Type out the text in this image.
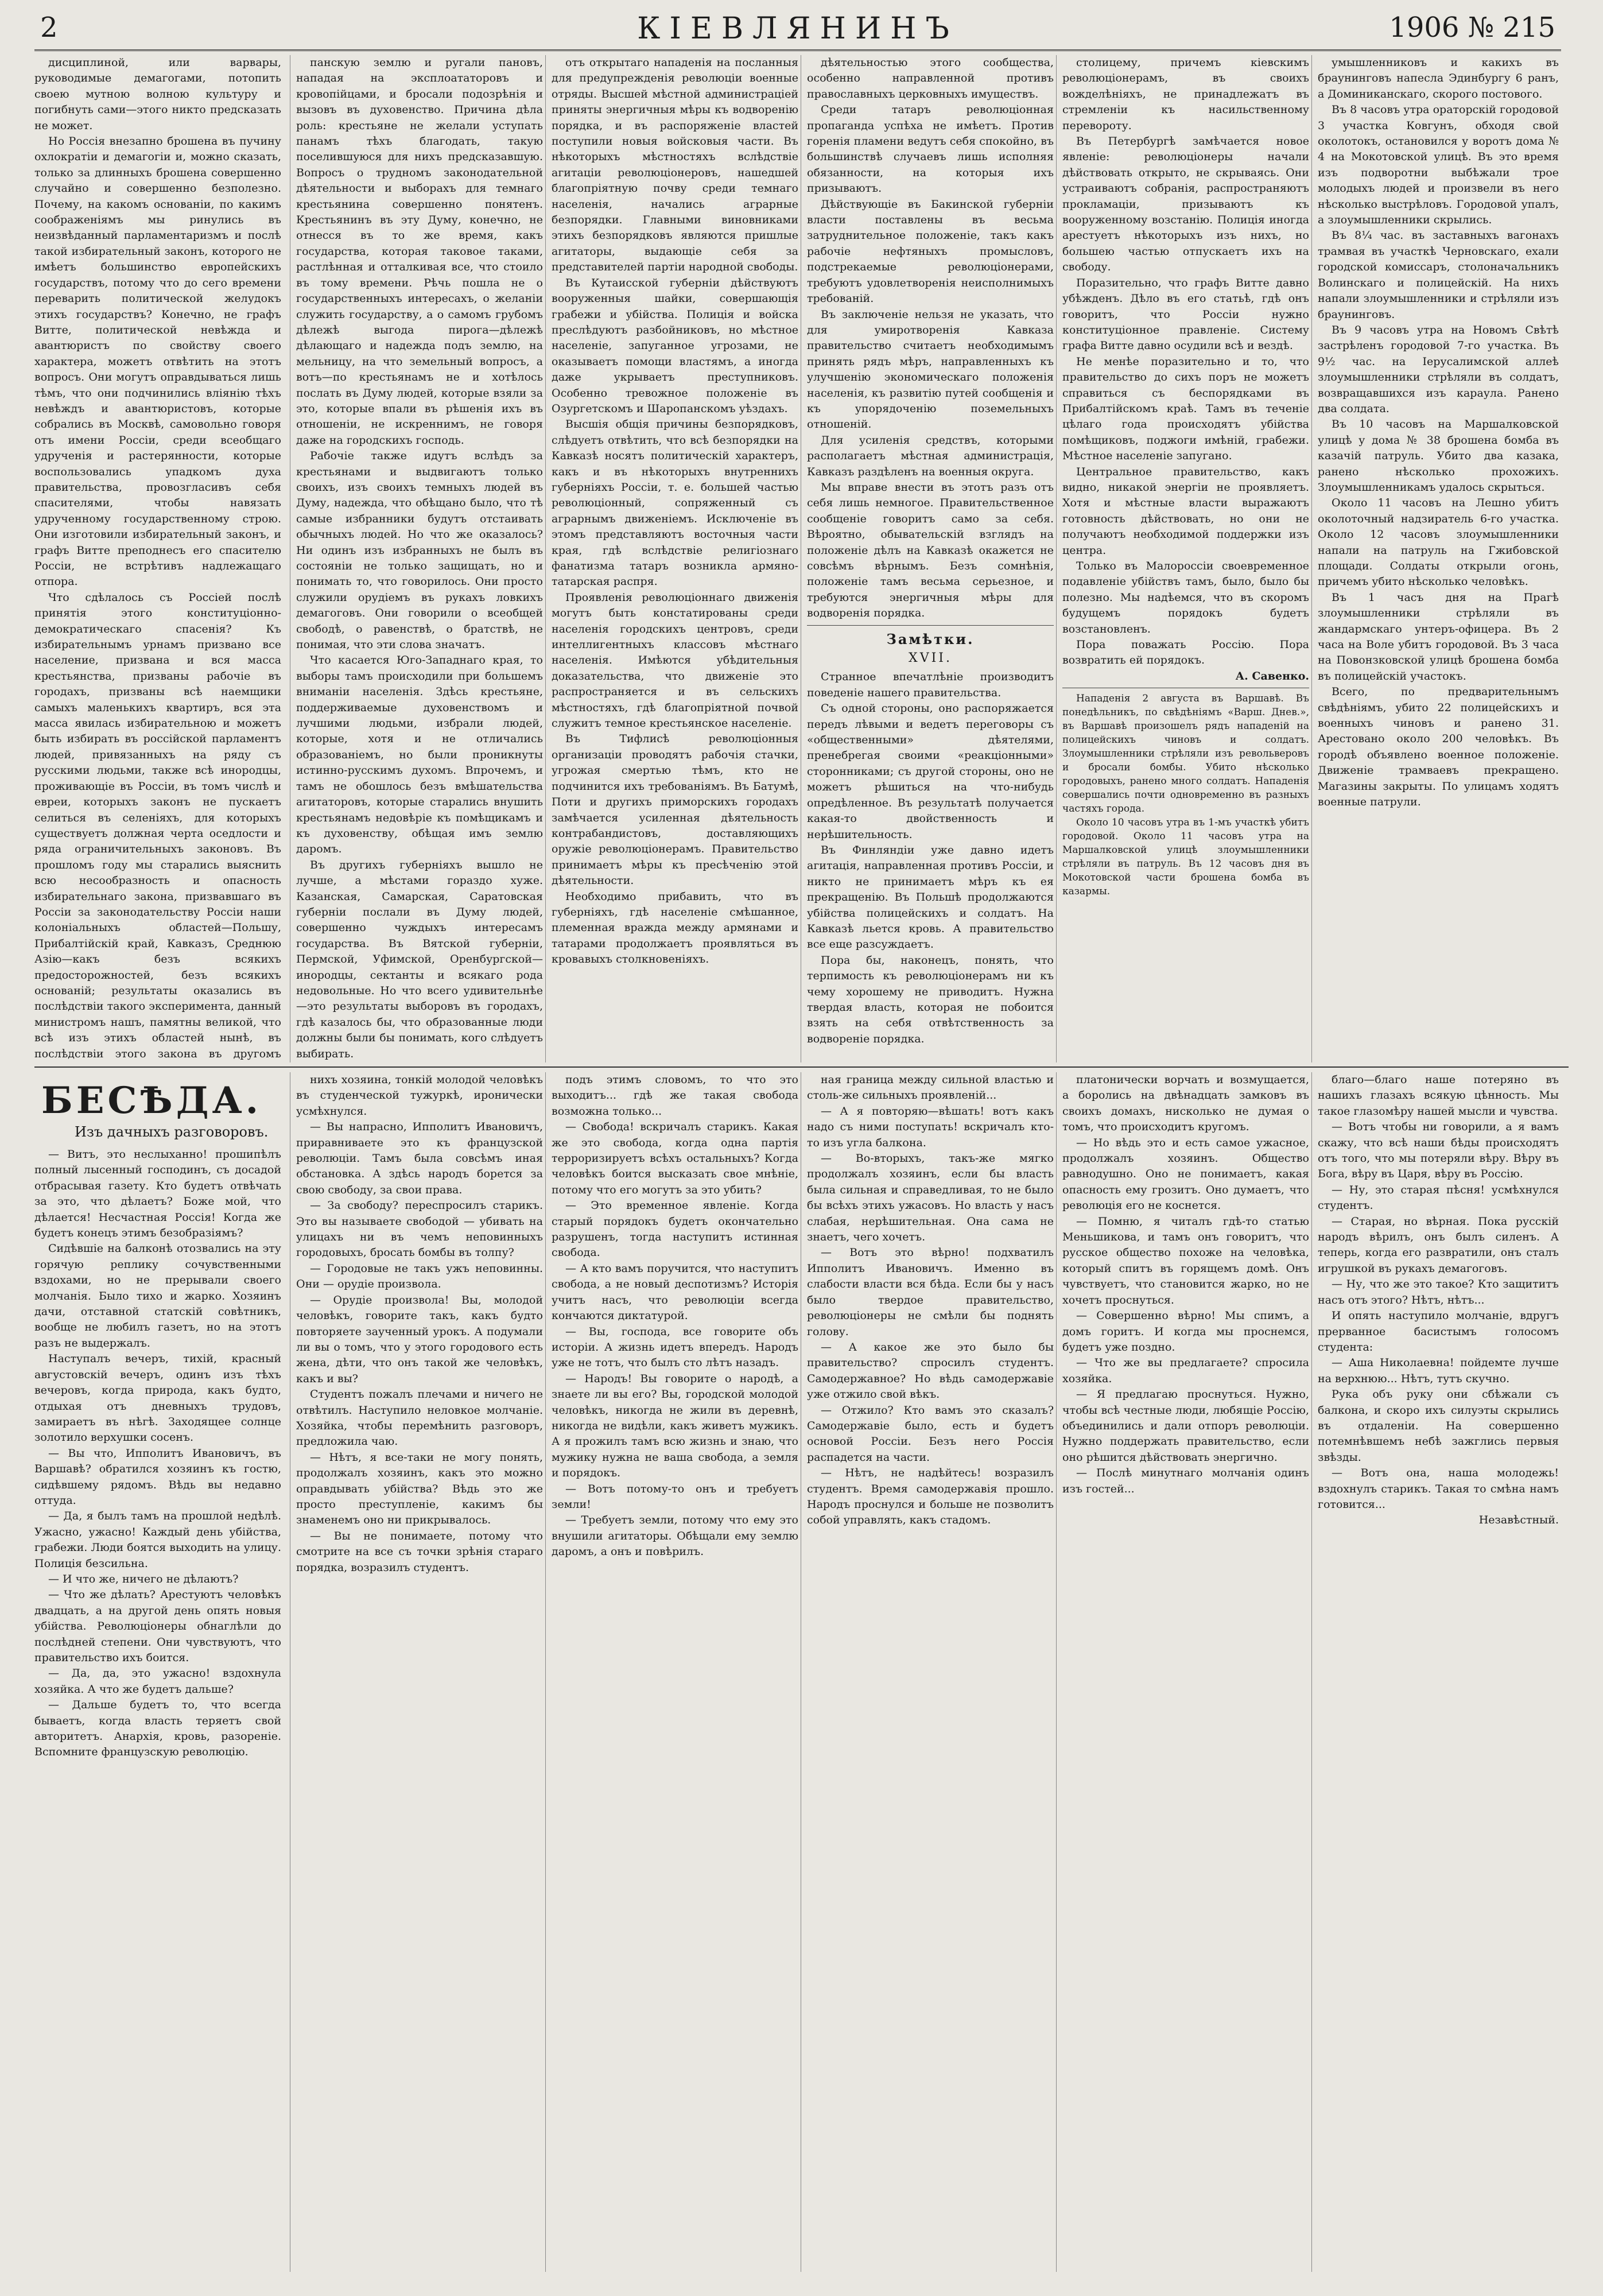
2	КІЕВЛЯНИНЪ	1906 № 215

дисциплиной, или варвары, руководимые демагогами, потопить своею мутною волною культуру и погибнуть сами—этого никто предсказать не может.

Но Россія внезапно брошена въ пучину охлократіи и демагогіи и, можно сказать, только за длинныхъ брошена совершенно случайно и совершенно безполезно. Почему, на какомъ основаніи, по какимъ соображеніямъ мы ринулись въ неизвѣданный парламентаризмъ и послѣ такой избирательный законъ, которого не имѣетъ большинство европейскихъ государствъ, потому что до сего времени переварить политической желудокъ этихъ государствъ? Конечно, не графъ Витте, политической невѣжда и авантюристъ по свойству своего характера, можетъ отвѣтить на этотъ вопросъ. Они могутъ оправдываться лишь тѣмъ, что они подчинились вліянію тѣхъ невѣждъ и авантюристовъ, которые собрались въ Москвѣ, самовольно говоря отъ имени Россіи, среди всеобщаго удрученія и растерянности, которые воспользовались упадкомъ духа правительства, провозгласивъ себя спасителями, чтобы навязать удрученному государственному строю. Они изготовили избирательный законъ, и графъ Витте преподнесъ его спасителю Россіи, не встрѣтивъ надлежащаго отпора.

Что сдѣлалось съ Россіей послѣ принятія этого конституціонно-демократическаго спасенія? Къ избирательнымъ урнамъ призвано все население, призвана и вся масса крестьянства, призваны рабочіе въ городахъ, призваны всѣ наемщики самыхъ маленькихъ квартиръ, вся эта масса явилась избирательною и можетъ быть избирать въ россійской парламентъ людей, привязанныхъ на ряду съ русскими людьми, также всѣ инородцы, проживающіе въ Россіи, въ томъ числѣ и евреи, которыхъ законъ не пускаетъ селиться въ селеніяхъ, для которыхъ существуетъ должная черта оседлости и ряда ограничительныхъ законовъ. Въ прошломъ году мы старались выяснить всю несообразность и опасность избирательнаго закона, призвавшаго въ Россіи за законодательству Россіи наши колоніальныхъ областей—Польшу, Прибалтійскій край, Кавказъ, Среднюю Азію—какъ безъ всякихъ предосторожностей, безъ всякихъ основаній; результаты оказались въ послѣдствіи такого эксперимента, данный министромъ нашъ, памятны великой, что всѣ изъ этихъ областей нынѣ, въ послѣдствіи этого закона въ другомъ

панскую землю и ругали пановъ, нападая на эксплоататоровъ и кровопійцами, и бросали подозрѣнія и вызовъ въ духовенство. Причина дѣла роль: крестьяне не желали уступать панамъ тѣхъ благодать, такую поселившуюся для нихъ предсказавшую. Вопросъ о трудномъ законодательной дѣятельности и выборахъ для темнаго крестьянина совершенно понятенъ. Крестьянинъ въ эту Думу, конечно, не отнесся въ то же время, какъ государства, которая таковое таками, растлѣнная и отталкивая все, что стоило въ тому времени. Рѣчь пошла не о государственныхъ интересахъ, о желаніи служить государству, а о самомъ грубомъ дѣлежѣ выгода пирога—дѣлежѣ дѣлающаго и надежда подъ землю, на мельницу, на что земельный вопросъ, а вотъ—по крестьянамъ не и хотѣлось послать въ Думу людей, которые взяли за это, которые впали въ рѣшенія ихъ въ отношеніи, не искреннимъ, не говоря даже на городскихъ господь.

Рабочіе также идутъ вслѣдъ за крестьянами и выдвигаютъ только своихъ, изъ своихъ темныхъ людей въ Думу, надежда, что обѣщано было, что тѣ самые избранники будутъ отстаивать обычныхъ людей. Но что же оказалось? Ни одинъ изъ избранныхъ не былъ въ состояніи не только защищать, но и понимать то, что говорилось. Они просто служили орудіемъ въ рукахъ ловкихъ демагоговъ. Они говорили о всеобщей свободѣ, о равенствѣ, о братствѣ, не понимая, что эти слова значатъ.

Что касается Юго-Западнаго края, то выборы тамъ происходили при большемъ вниманіи населенія. Здѣсь крестьяне, поддерживаемые духовенствомъ и лучшими людьми, избрали людей, которые, хотя и не отличались образованіемъ, но были проникнуты истинно-русскимъ духомъ. Впрочемъ, и тамъ не обошлось безъ вмѣшательства агитаторовъ, которые старались внушить крестьянамъ недовѣріе къ помѣщикамъ и къ духовенству, обѣщая имъ землю даромъ.

Въ другихъ губерніяхъ вышло не лучше, а мѣстами гораздо хуже. Казанская, Самарская, Саратовская губерніи послали въ Думу людей, совершенно чуждыхъ интересамъ государства. Въ Вятской губерніи, Пермской, Уфимской, Оренбургской—инородцы, сектанты и всякаго рода недовольные. Но что всего удивительнѣе—это результаты выборовъ въ городахъ, гдѣ казалось бы, что образованные люди должны были бы понимать, кого слѣдуетъ выбирать.

отъ открытаго нападенія на посланныя для предупрежденія революціи военные отряды. Высшей мѣстной администраціей приняты энергичныя мѣры къ водворенію порядка, и въ распоряженіе властей поступили новыя войсковыя части. Въ нѣкоторыхъ мѣстностяхъ вслѣдствіе агитаціи революціонеровъ, нашедшей благопріятную почву среди темнаго населенія, начались аграрные безпорядки. Главными виновниками этихъ безпорядковъ являются пришлые агитаторы, выдающіе себя за представителей партіи народной свободы.

Въ Кутаисской губерніи дѣйствуютъ вооруженныя шайки, совершающія грабежи и убійства. Полиція и войска преслѣдуютъ разбойниковъ, но мѣстное населеніе, запуганное угрозами, не оказываетъ помощи властямъ, а иногда даже укрываетъ преступниковъ. Особенно тревожное положеніе въ Озургетскомъ и Шаропанскомъ уѣздахъ.

Высшія общія причины безпорядковъ, слѣдуетъ отвѣтить, что всѣ безпорядки на Кавказѣ носятъ политическій характеръ, какъ и въ нѣкоторыхъ внутреннихъ губерніяхъ Россіи, т. е. большей частью революціонный, сопряженный съ аграрнымъ движеніемъ. Исключеніе въ этомъ представляютъ восточныя части края, гдѣ вслѣдствіе религіознаго фанатизма татаръ возникла армяно-татарская распря.

Проявленія революціоннаго движенія могутъ быть констатированы среди населенія городскихъ центровъ, среди интеллигентныхъ классовъ мѣстнаго населенія. Имѣются убѣдительныя доказательства, что движеніе это распространяется и въ сельскихъ мѣстностяхъ, гдѣ благопріятной почвой служитъ темное крестьянское населеніе.

Въ Тифлисѣ революціонныя организаціи проводятъ рабочія стачки, угрожая смертью тѣмъ, кто не подчинится ихъ требованіямъ. Въ Батумѣ, Поти и другихъ приморскихъ городахъ замѣчается усиленная дѣятельность контрабандистовъ, доставляющихъ оружіе революціонерамъ. Правительство принимаетъ мѣры къ пресѣченію этой дѣятельности.

Необходимо прибавить, что въ губерніяхъ, гдѣ населеніе смѣшанное, племенная вражда между армянами и татарами продолжаетъ проявляться въ кровавыхъ столкновеніяхъ.

дѣятельностью этого сообщества, особенно направленной противъ православныхъ церковныхъ имуществъ.

Среди татаръ революціонная пропаганда успѣха не имѣетъ. Против горенія пламени ведутъ себя спокойно, въ большинствѣ случаевъ лишь исполняя обязанности, на которыя ихъ призываютъ.

Дѣйствующіе въ Бакинской губерніи власти поставлены въ весьма затруднительное положеніе, такъ какъ рабочіе нефтяныхъ промысловъ, подстрекаемые революціонерами, требуютъ удовлетворенія неисполнимыхъ требованій.

Въ заключеніе нельзя не указать, что для умиротворенія Кавказа правительство считаетъ необходимымъ принять рядъ мѣръ, направленныхъ къ улучшенію экономическаго положенія населенія, къ развитію путей сообщенія и къ упорядоченію поземельныхъ отношеній.

Для усиленія средствъ, которыми располагаетъ мѣстная администрація, Кавказъ раздѣленъ на военныя округа.

Мы вправе внести въ этотъ разъ отъ себя лишь немногое. Правительственное сообщеніе говоритъ само за себя. Вѣроятно, обывательскій взглядъ на положеніе дѣлъ на Кавказѣ окажется не совсѣмъ вѣрнымъ. Безъ сомнѣнія, положеніе тамъ весьма серьезное, и требуются энергичныя мѣры для водворенія порядка.

Замѣтки.
XVII.

Странное впечатлѣніе производитъ поведеніе нашего правительства.

Съ одной стороны, оно распоряжается передъ лѣвыми и ведетъ переговоры съ «общественными» дѣятелями, пренебрегая своими «реакціонными» сторонниками; съ другой стороны, оно не можетъ рѣшиться на что-нибудь опредѣленное. Въ результатѣ получается какая-то двойственность и нерѣшительность.

Въ Финляндіи уже давно идетъ агитація, направленная противъ Россіи, и никто не принимаетъ мѣръ къ ея прекращенію. Въ Польшѣ продолжаются убійства полицейскихъ и солдатъ. На Кавказѣ льется кровь. А правительство все еще разсуждаетъ.

Пора бы, наконецъ, понять, что терпимость къ революціонерамъ ни къ чему хорошему не приводитъ. Нужна твердая власть, которая не побоится взять на себя отвѣтственность за водвореніе порядка.

столицему, причемъ кіевскимъ революціонерамъ, въ своихъ вожделѣніяхъ, не принадлежатъ въ стремленіи къ насильственному перевороту.

Въ Петербургѣ замѣчается новое явленіе: революціонеры начали дѣйствовать открыто, не скрываясь. Они устраиваютъ собранія, распространяютъ прокламаціи, призываютъ къ вооруженному возстанію. Полиція иногда арестуетъ нѣкоторыхъ изъ нихъ, но большею частью отпускаетъ ихъ на свободу.

Поразительно, что графъ Витте давно убѣжденъ. Дѣло въ его статьѣ, гдѣ онъ говоритъ, что Россіи нужно конституціонное правленіе. Систему графа Витте давно осудили всѣ и вездѣ.

Не менѣе поразительно и то, что правительство до сихъ поръ не можетъ справиться съ беспорядками въ Прибалтійскомъ краѣ. Тамъ въ теченіе цѣлаго года происходятъ убійства помѣщиковъ, поджоги имѣній, грабежи. Мѣстное населеніе запугано.

Центральное правительство, какъ видно, никакой энергіи не проявляетъ. Хотя и мѣстные власти выражаютъ готовность дѣйствовать, но они не получаютъ необходимой поддержки изъ центра.

Только въ Малороссіи своевременное подавленіе убійствъ тамъ, было, было бы полезно. Мы надѣемся, что въ скоромъ будущемъ порядокъ будетъ возстановленъ.

Пора поважать Россію. Пора возвратить ей порядокъ.

А. Савенко.

Нападенія 2 августа въ Варшавѣ. Въ понедѣльникъ, по свѣдѣніямъ «Варш. Днев.», въ Варшавѣ произошелъ рядъ нападеній на полицейскихъ чиновъ и солдатъ. Злоумышленники стрѣляли изъ револьверовъ и бросали бомбы. Убито нѣсколько городовыхъ, ранено много солдатъ. Нападенія совершались почти одновременно въ разныхъ частяхъ города.

Около 10 часовъ утра въ 1-мъ участкѣ убитъ городовой. Около 11 часовъ утра на Маршалковской улицѣ злоумышленники стрѣляли въ патруль. Въ 12 часовъ дня въ Мокотовской части брошена бомба въ казармы.

умышленниковъ и какихъ въ браунинговъ напесла Эдинбургу 6 ранъ, а Доминиканскаго, скорого постового.

Въ 8 часовъ утра ораторскій городовой 3 участка Ковгунъ, обходя свой околотокъ, остановился у воротъ дома № 4 на Мокотовской улицѣ. Въ это время изъ подворотни выбѣжали трое молодыхъ людей и произвели въ него нѣсколько выстрѣловъ. Городовой упалъ, а злоумышленники скрылись.

Въ 8¼ час. въ заставныхъ вагонахъ трамвая въ участкѣ Черновскаго, ехали городской комиссаръ, столоначальникъ Волинскаго и полицейскій. На нихъ напали злоумышленники и стрѣляли изъ браунинговъ.

Въ 9 часовъ утра на Новомъ Свѣтѣ застрѣленъ городовой 7-го участка. Въ 9½ час. на Іерусалимской аллеѣ злоумышленники стрѣляли въ солдатъ, возвращавшихся изъ караула. Ранено два солдата.

Въ 10 часовъ на Маршалковской улицѣ у дома № 38 брошена бомба въ казачій патруль. Убито два казака, ранено нѣсколько прохожихъ. Злоумышленникамъ удалось скрыться.

Около 11 часовъ на Лешно убитъ околоточный надзиратель 6-го участка. Около 12 часовъ злоумышленники напали на патруль на Гжибовской площади. Солдаты открыли огонь, причемъ убито нѣсколько человѣкъ.

Въ 1 часъ дня на Прагѣ злоумышленники стрѣляли въ жандармскаго унтеръ-офицера. Въ 2 часа на Воле убитъ городовой. Въ 3 часа на Повонзковской улицѣ брошена бомба въ полицейскій участокъ.

Всего, по предварительнымъ свѣдѣніямъ, убито 22 полицейскихъ и военныхъ чиновъ и ранено 31. Арестовано около 200 человѣкъ. Въ городѣ объявлено военное положеніе. Движеніе трамваевъ прекращено. Магазины закрыты. По улицамъ ходятъ военные патрули.

БЕСѢДА.
Изъ дачныхъ разговоровъ.

— Витъ, это неслыханно! прошипѣлъ полный лысенный господинъ, съ досадой отбрасывая газету. Кто будетъ отвѣчать за это, что дѣлаетъ? Боже мой, что дѣлается! Несчастная Россія! Когда же будетъ конецъ этимъ безобразіямъ?

Сидѣвшіе на балконѣ отозвались на эту горячую реплику сочувственными вздохами, но не прерывали своего молчанія. Было тихо и жарко. Хозяинъ дачи, отставной статскій совѣтникъ, вообще не любилъ газетъ, но на этотъ разъ не выдержалъ.

Наступалъ вечеръ, тихій, красный августовскій вечеръ, одинъ изъ тѣхъ вечеровъ, когда природа, какъ будто, отдыхая отъ дневныхъ трудовъ, замираетъ въ нѣгѣ. Заходящее солнце золотило верхушки сосенъ.

— Вы что, Ипполитъ Ивановичъ, въ Варшавѣ? обратился хозяинъ къ гостю, сидѣвшему рядомъ. Вѣдь вы недавно оттуда.

— Да, я былъ тамъ на прошлой недѣлѣ. Ужасно, ужасно! Каждый день убійства, грабежи. Люди боятся выходить на улицу. Полиція безсильна.

— И что же, ничего не дѣлаютъ?

— Что же дѣлать? Арестуютъ человѣкъ двадцать, а на другой день опять новыя убійства. Революціонеры обнаглѣли до послѣдней степени. Они чувствуютъ, что правительство ихъ боится.

— Да, да, это ужасно! вздохнула хозяйка. А что же будетъ дальше?

— Дальше будетъ то, что всегда бываетъ, когда власть теряетъ свой авторитетъ. Анархія, кровь, разореніе. Вспомните французскую революцію.

нихъ хозяина, тонкій молодой человѣкъ въ студенческой тужуркѣ, иронически усмѣхнулся.

— Вы напрасно, Ипполитъ Ивановичъ, приравниваете это къ французской революціи. Тамъ была совсѣмъ иная обстановка. А здѣсь народъ борется за свою свободу, за свои права.

— За свободу? переспросилъ старикъ. Это вы называете свободой — убивать на улицахъ ни въ чемъ неповинныхъ городовыхъ, бросать бомбы въ толпу?

— Городовые не такъ ужъ неповинны. Они — орудіе произвола.

— Орудіе произвола! Вы, молодой человѣкъ, говорите такъ, какъ будто повторяете заученный урокъ. А подумали ли вы о томъ, что у этого городового есть жена, дѣти, что онъ такой же человѣкъ, какъ и вы?

Студентъ пожалъ плечами и ничего не отвѣтилъ. Наступило неловкое молчаніе. Хозяйка, чтобы перемѣнить разговоръ, предложила чаю.

— Нѣтъ, я все-таки не могу понять, продолжалъ хозяинъ, какъ это можно оправдывать убійства? Вѣдь это же просто преступленіе, какимъ бы знаменемъ оно ни прикрывалось.

— Вы не понимаете, потому что смотрите на все съ точки зрѣнія стараго порядка, возразилъ студентъ.

подъ этимъ словомъ, то что это выходитъ... гдѣ же такая свобода возможна только...

— Свобода! вскричалъ старикъ. Какая же это свобода, когда одна партія терроризируетъ всѣхъ остальныхъ? Когда человѣкъ боится высказать свое мнѣніе, потому что его могутъ за это убить?

— Это временное явленіе. Когда старый порядокъ будетъ окончательно разрушенъ, тогда наступитъ истинная свобода.

— А кто вамъ поручится, что наступитъ свобода, а не новый деспотизмъ? Исторія учитъ насъ, что революціи всегда кончаются диктатурой.

— Вы, господа, все говорите объ исторіи. А жизнь идетъ впередъ. Народъ уже не тотъ, что былъ сто лѣтъ назадъ.

— Народъ! Вы говорите о народѣ, а знаете ли вы его? Вы, городской молодой человѣкъ, никогда не жили въ деревнѣ, никогда не видѣли, какъ живетъ мужикъ. А я прожилъ тамъ всю жизнь и знаю, что мужику нужна не ваша свобода, а земля и порядокъ.

— Вотъ потому-то онъ и требуетъ земли!

— Требуетъ земли, потому что ему это внушили агитаторы. Обѣщали ему землю даромъ, а онъ и повѣрилъ.

ная граница между сильной властью и столь-же сильныхъ проявленій...

— А я повторяю—вѣшать! вотъ какъ надо съ ними поступать! вскричалъ кто-то изъ угла балкона.

— Во-вторыхъ, такъ-же мягко продолжалъ хозяинъ, если бы власть была сильная и справедливая, то не было бы всѣхъ этихъ ужасовъ. Но власть у насъ слабая, нерѣшительная. Она сама не знаетъ, чего хочетъ.

— Вотъ это вѣрно! подхватилъ Ипполитъ Ивановичъ. Именно въ слабости власти вся бѣда. Если бы у насъ было твердое правительство, революціонеры не смѣли бы поднять голову.

— А какое же это было бы правительство? спросилъ студентъ. Самодержавное? Но вѣдь самодержавіе уже отжило свой вѣкъ.

— Отжило? Кто вамъ это сказалъ? Самодержавіе было, есть и будетъ основой Россіи. Безъ него Россія распадется на части.

— Нѣтъ, не надѣйтесь! возразилъ студентъ. Время самодержавія прошло. Народъ проснулся и больше не позволитъ собой управлять, какъ стадомъ.

платонически ворчать и возмущается, а боролись на двѣнадцать замковъ въ своихъ домахъ, нисколько не думая о томъ, что происходитъ кругомъ.

— Но вѣдь это и есть самое ужасное, продолжалъ хозяинъ. Общество равнодушно. Оно не понимаетъ, какая опасность ему грозитъ. Оно думаетъ, что революція его не коснется.

— Помню, я читалъ гдѣ-то статью Меньшикова, и тамъ онъ говоритъ, что русское общество похоже на человѣка, который спитъ въ горящемъ домѣ. Онъ чувствуетъ, что становится жарко, но не хочетъ проснуться.

— Совершенно вѣрно! Мы спимъ, а домъ горитъ. И когда мы проснемся, будетъ уже поздно.

— Что же вы предлагаете? спросила хозяйка.

— Я предлагаю проснуться. Нужно, чтобы всѣ честные люди, любящіе Россію, объединились и дали отпоръ революціи. Нужно поддержать правительство, если оно рѣшится дѣйствовать энергично.

— Послѣ минутнаго молчанія одинъ изъ гостей...

благо—благо наше потеряно въ нашихъ глазахъ всякую цѣнность. Мы такое глазомѣру нашей мысли и чувства.

— Вотъ чтобы ни говорили, а я вамъ скажу, что всѣ наши бѣды происходятъ отъ того, что мы потеряли вѣру. Вѣру въ Бога, вѣру въ Царя, вѣру въ Россію.

— Ну, это старая пѣсня! усмѣхнулся студентъ.

— Старая, но вѣрная. Пока русскій народъ вѣрилъ, онъ былъ силенъ. А теперь, когда его развратили, онъ сталъ игрушкой въ рукахъ демагоговъ.

— Ну, что же это такое? Кто защититъ насъ отъ этого? Нѣтъ, нѣтъ...

И опять наступило молчаніе, вдругъ прерванное басистымъ голосомъ студента:

— Аша Николаевна! пойдемте лучше на верхнюю... Нѣтъ, тутъ скучно.

Рука объ руку они сбѣжали съ балкона, и скоро ихъ силуэты скрылись въ отдаленіи. На совершенно потемнѣвшемъ небѣ зажглись первыя звѣзды.

— Вотъ она, наша молодежь! вздохнулъ старикъ. Такая то смѣна намъ готовится...

Незавѣстный.
